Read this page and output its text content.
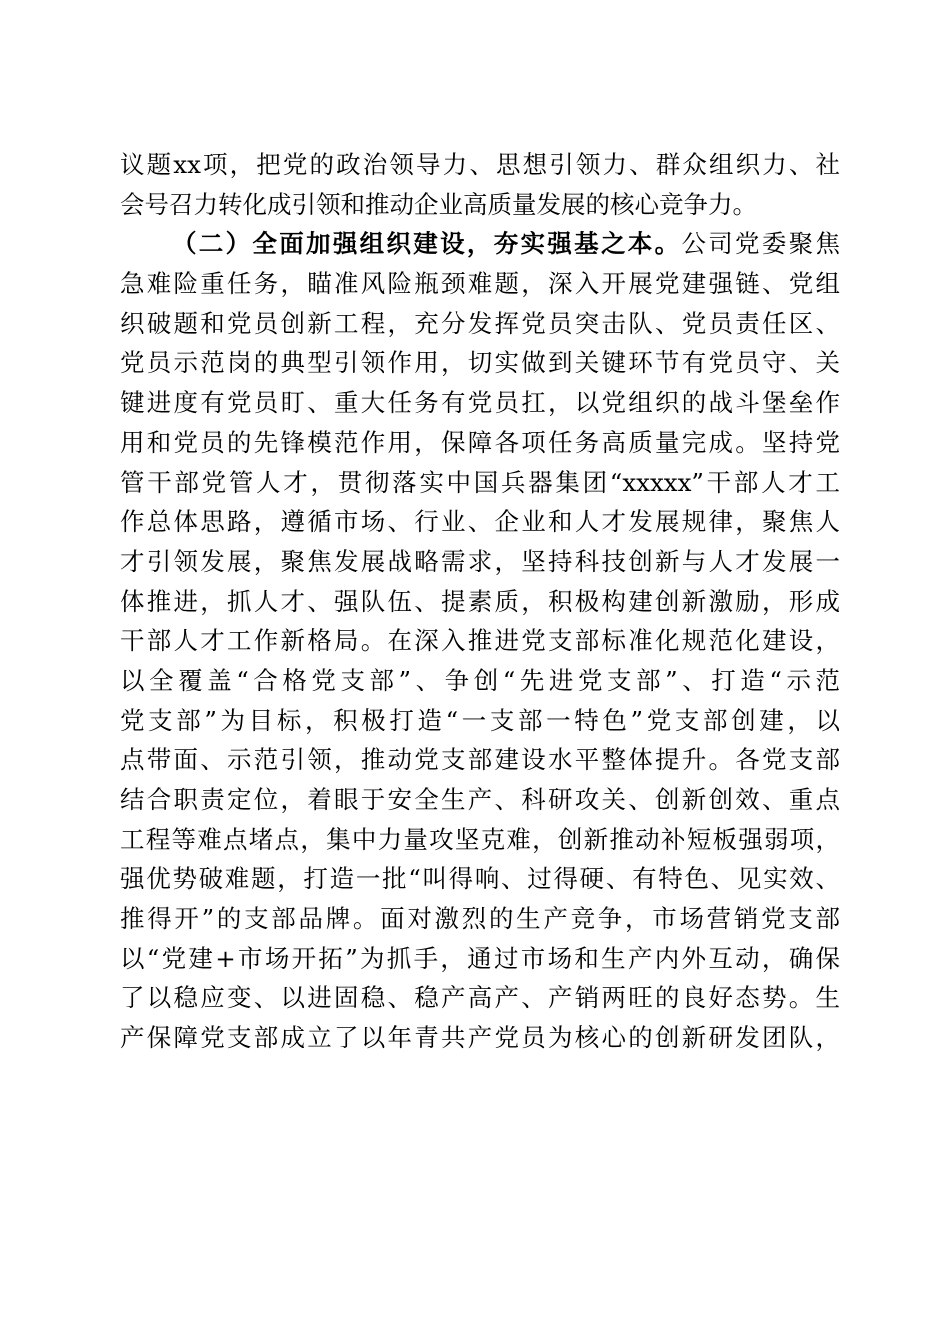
议题xx项，把党的政治领导力、思想引领力、群众组织力、社
会号召力转化成引领和推动企业高质量发展的核心竞争力。
（二）全面加强组织建设，夯实强基之本。公司党委聚焦
急难险重任务，瞄准风险瓶颈难题，深入开展党建强链、党组
织破题和党员创新工程，充分发挥党员突击队、党员责任区、
党员示范岗的典型引领作用，切实做到关键环节有党员守、关
键进度有党员盯、重大任务有党员扛，以党组织的战斗堡垒作
用和党员的先锋模范作用，保障各项任务高质量完成。坚持党
管干部党管人才，贯彻落实中国兵器集团“xxxxx”干部人才工
作总体思路，遵循市场、行业、企业和人才发展规律，聚焦人
才引领发展，聚焦发展战略需求，坚持科技创新与人才发展一
体推进，抓人才、强队伍、提素质，积极构建创新激励，形成
干部人才工作新格局。在深入推进党支部标准化规范化建设，
以全覆盖“合格党支部”、争创“先进党支部”、打造“示范
党支部”为目标，积极打造“一支部一特色”党支部创建，以
点带面、示范引领，推动党支部建设水平整体提升。各党支部
结合职责定位，着眼于安全生产、科研攻关、创新创效、重点
工程等难点堵点，集中力量攻坚克难，创新推动补短板强弱项，
强优势破难题，打造一批“叫得响、过得硬、有特色、见实效、
推得开”的支部品牌。面对激烈的生产竞争，市场营销党支部
以“党建+市场开拓”为抓手，通过市场和生产内外互动，确保
了以稳应变、以进固稳、稳产高产、产销两旺的良好态势。生
产保障党支部成立了以年青共产党员为核心的创新研发团队，
